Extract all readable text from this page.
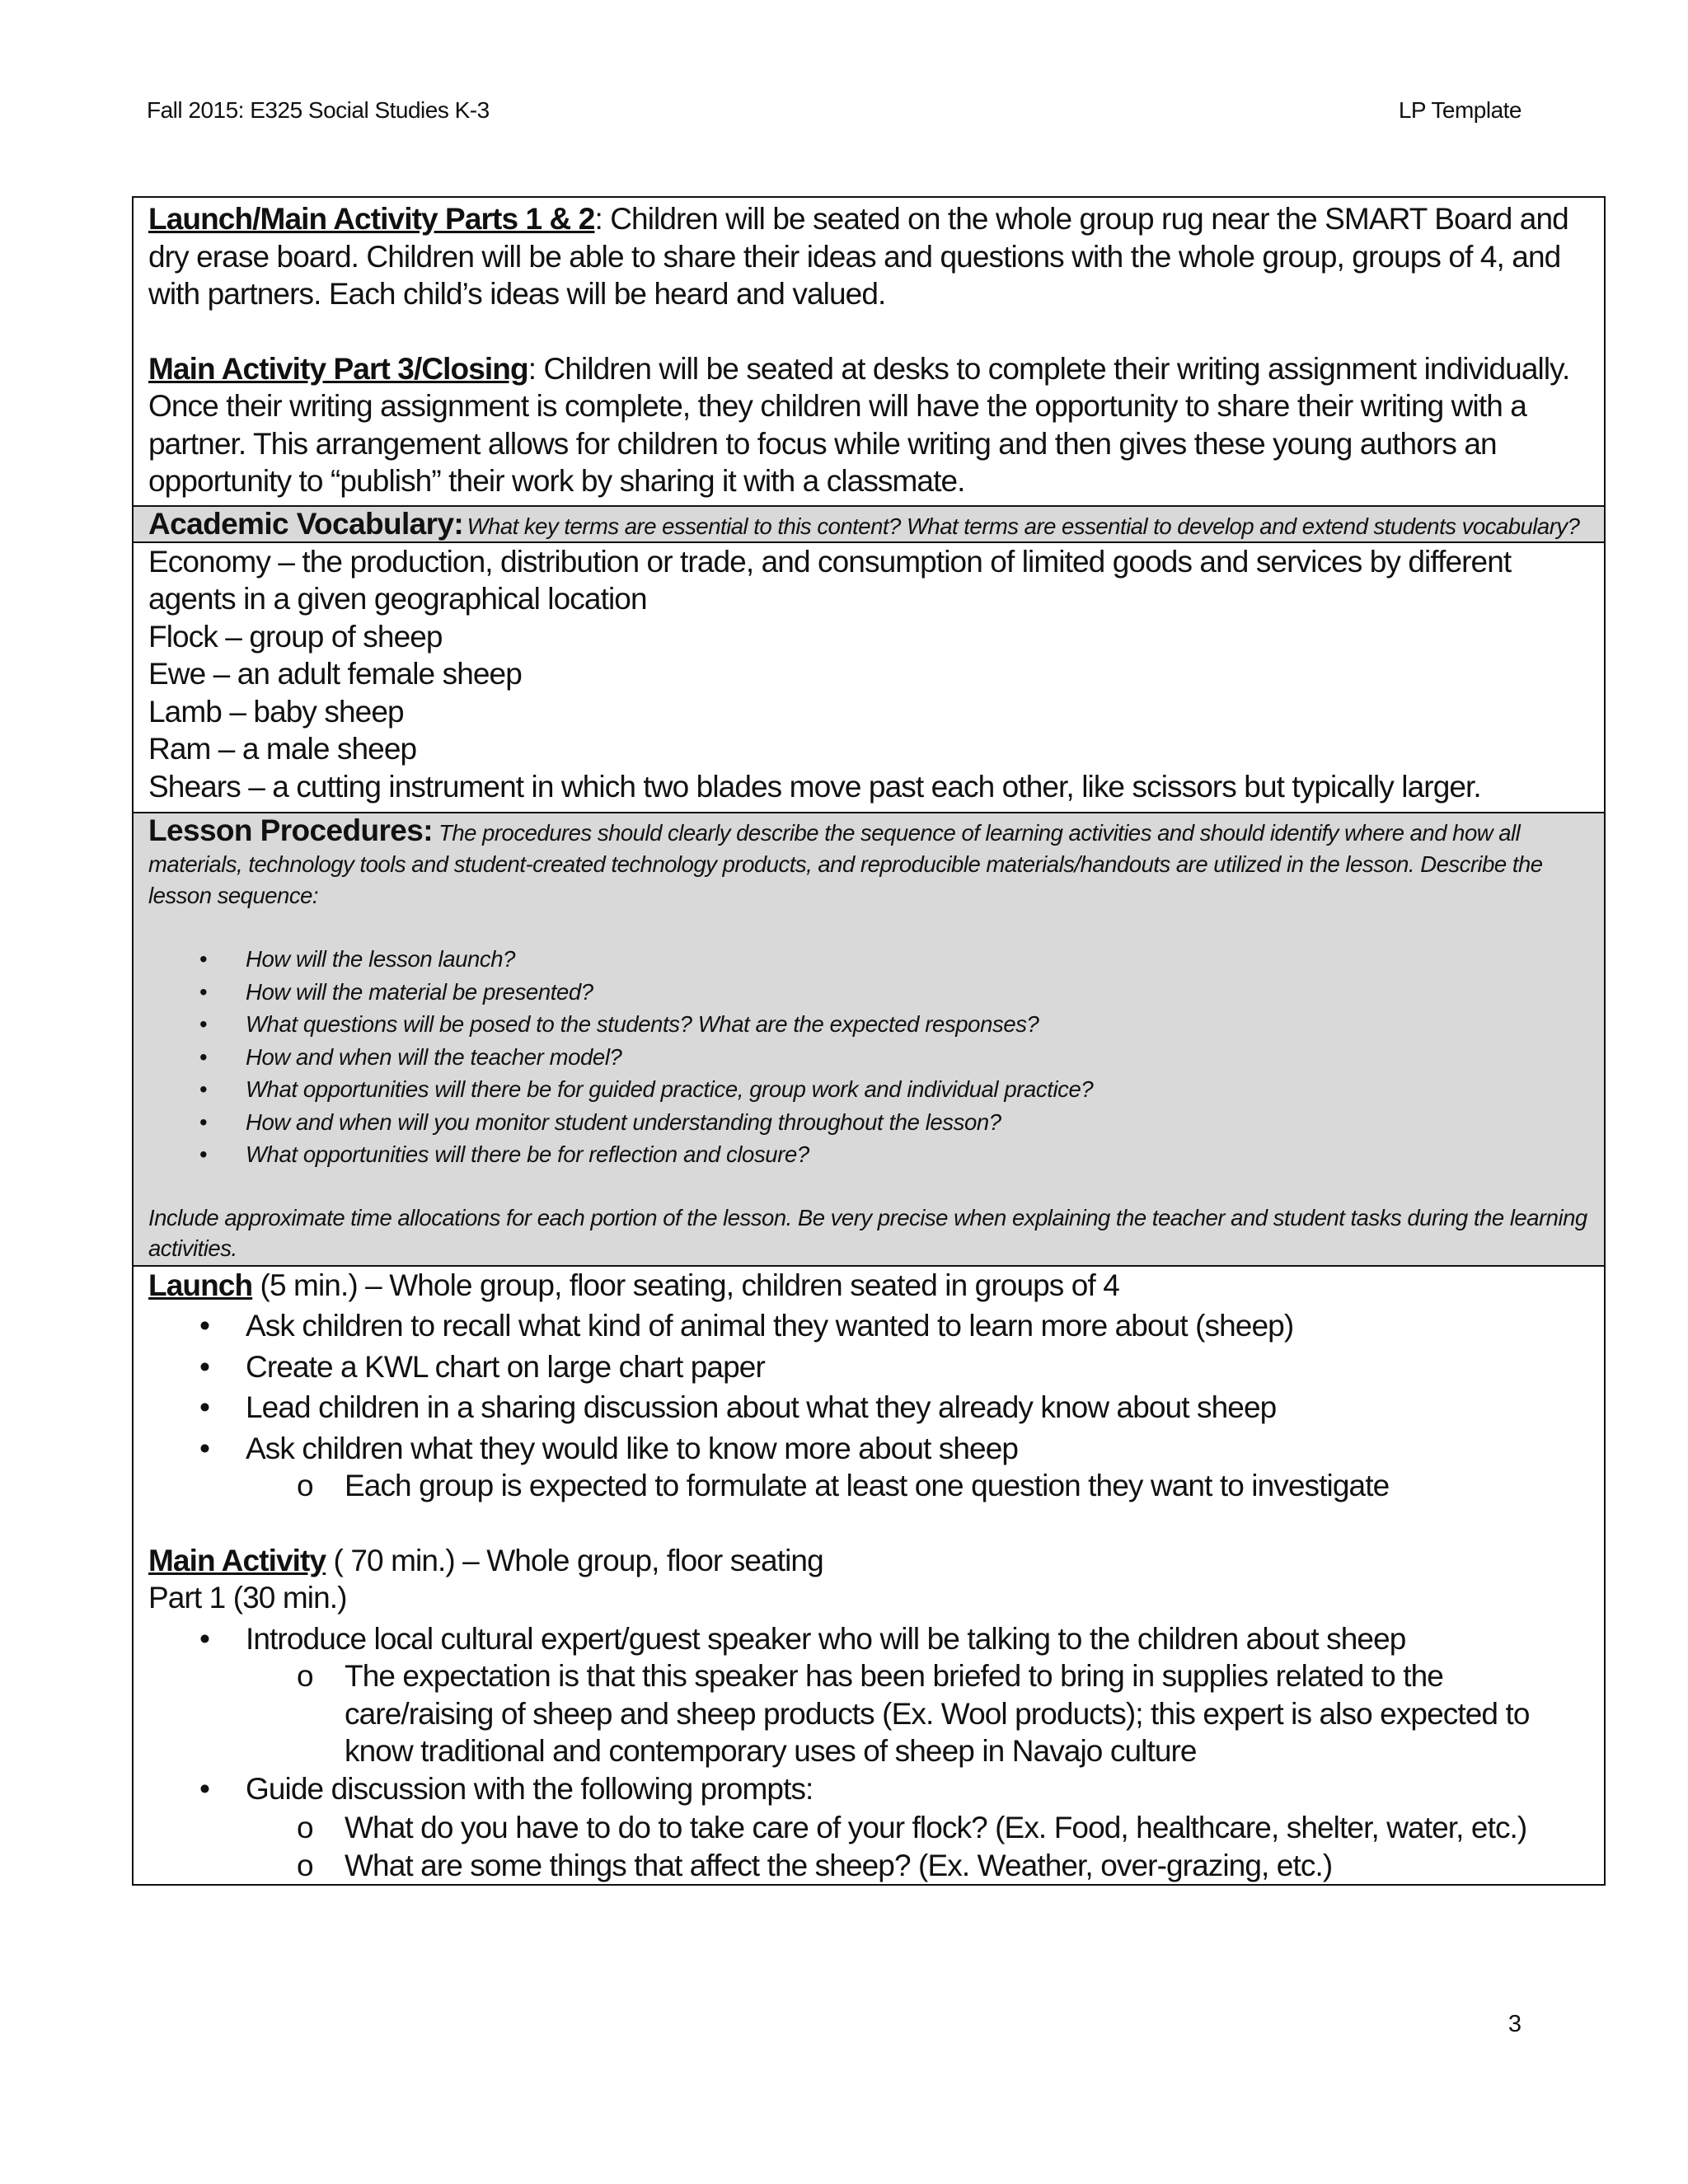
Fall 2015: E325 Social Studies K-3	LP Template

Launch/Main Activity Parts 1 & 2: Children will be seated on the whole group rug near the SMART Board and dry erase board. Children will be able to share their ideas and questions with the whole group, groups of 4, and with partners. Each child’s ideas will be heard and valued.

Main Activity Part 3/Closing: Children will be seated at desks to complete their writing assignment individually. Once their writing assignment is complete, they children will have the opportunity to share their writing with a partner. This arrangement allows for children to focus while writing and then gives these young authors an opportunity to “publish” their work by sharing it with a classmate.

Academic Vocabulary: What key terms are essential to this content? What terms are essential to develop and extend students vocabulary?

Economy – the production, distribution or trade, and consumption of limited goods and services by different agents in a given geographical location

Flock – group of sheep

Ewe – an adult female sheep

Lamb – baby sheep

Ram – a male sheep

Shears – a cutting instrument in which two blades move past each other, like scissors but typically larger.

Lesson Procedures: The procedures should clearly describe the sequence of learning activities and should identify where and how all materials, technology tools and student-created technology products, and reproducible materials/handouts are utilized in the lesson. Describe the lesson sequence:

• How will the lesson launch?
• How will the material be presented?
• What questions will be posed to the students? What are the expected responses?
• How and when will the teacher model?
• What opportunities will there be for guided practice, group work and individual practice?
• How and when will you monitor student understanding throughout the lesson?
• What opportunities will there be for reflection and closure?

Include approximate time allocations for each portion of the lesson. Be very precise when explaining the teacher and student tasks during the learning activities.

Launch (5 min.) – Whole group, floor seating, children seated in groups of 4

• Ask children to recall what kind of animal they wanted to learn more about (sheep)
• Create a KWL chart on large chart paper
• Lead children in a sharing discussion about what they already know about sheep
• Ask children what they would like to know more about sheep
o Each group is expected to formulate at least one question they want to investigate

Main Activity ( 70 min.) – Whole group, floor seating

Part 1 (30 min.)

• Introduce local cultural expert/guest speaker who will be talking to the children about sheep
o The expectation is that this speaker has been briefed to bring in supplies related to the care/raising of sheep and sheep products (Ex. Wool products); this expert is also expected to know traditional and contemporary uses of sheep in Navajo culture
• Guide discussion with the following prompts:
o What do you have to do to take care of your flock? (Ex. Food, healthcare, shelter, water, etc.)
o What are some things that affect the sheep? (Ex. Weather, over-grazing, etc.)
3
